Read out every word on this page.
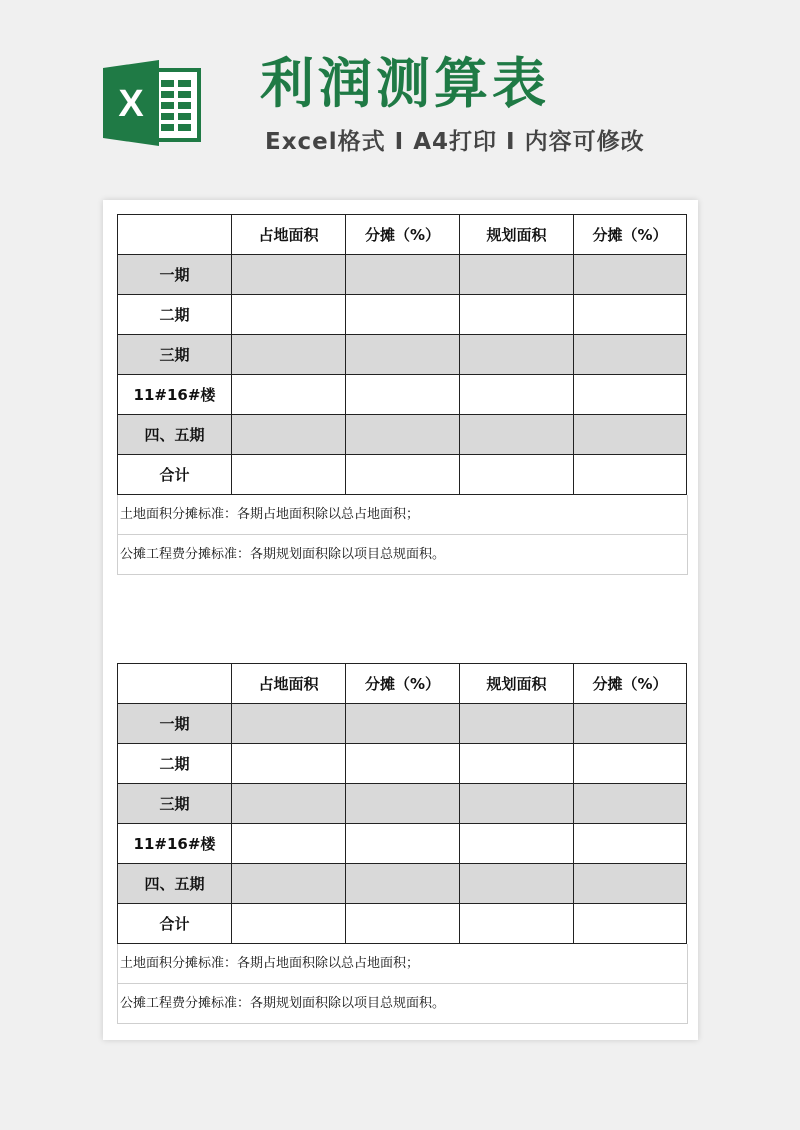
X 利润测算表
Excel格式 I A4打印 I 内容可修改
	占地面积	分摊（%）	规划面积	分摊（%）
一期				
二期				
三期				
11#16#楼				
四、五期				
合计				
土地面积分摊标准：各期占地面积除以总占地面积；
公摊工程费分摊标准：各期规划面积除以项目总规面积。
	占地面积	分摊（%）	规划面积	分摊（%）
一期				
二期				
三期				
11#16#楼				
四、五期				
合计				
土地面积分摊标准：各期占地面积除以总占地面积；
公摊工程费分摊标准：各期规划面积除以项目总规面积。
